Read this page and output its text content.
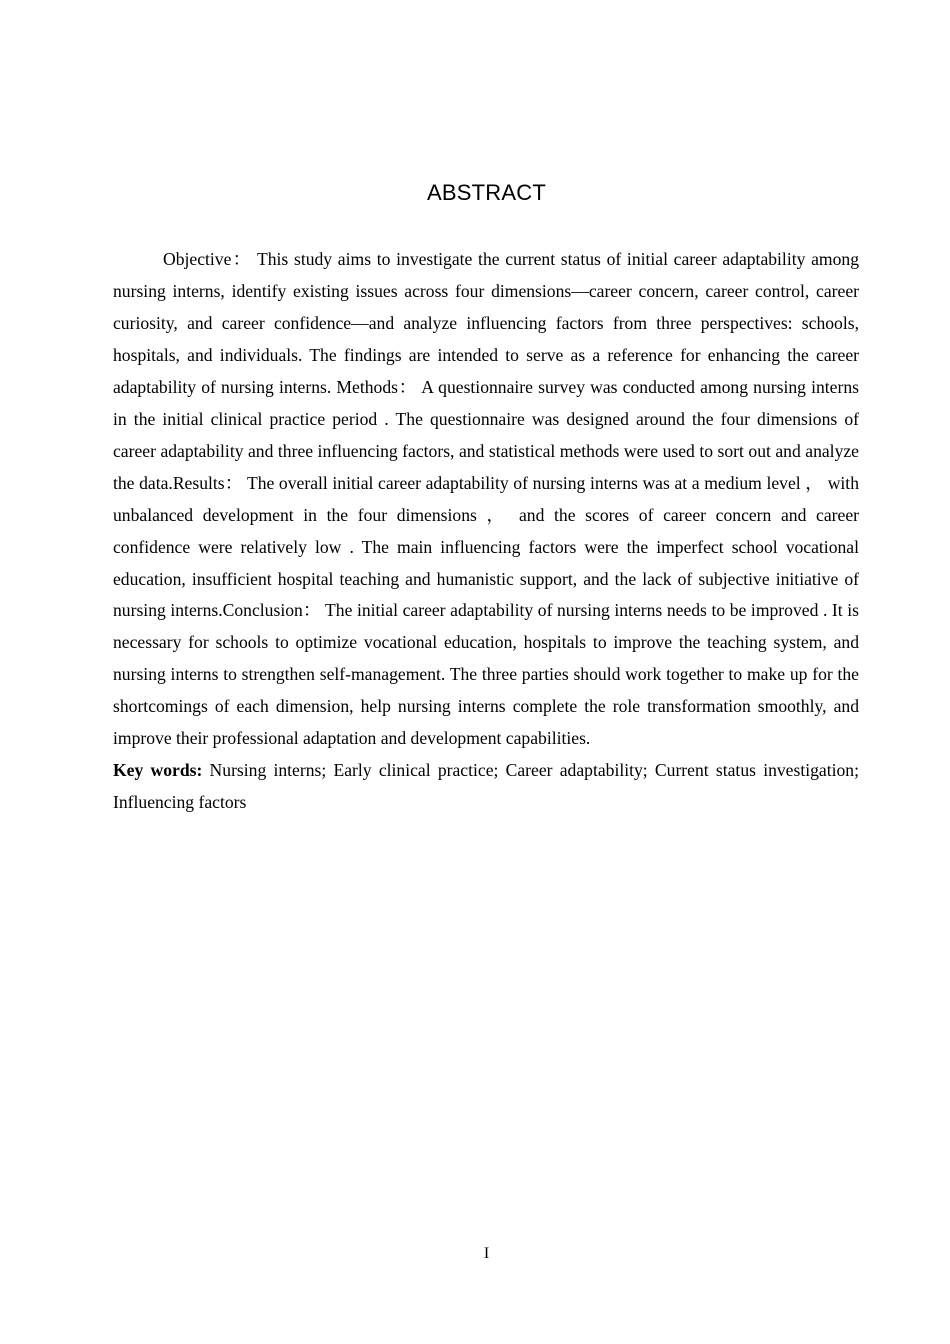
ABSTRACT

Objective： This study aims to investigate the current status of initial career adaptability among nursing interns, identify existing issues across four dimensions—career concern, career control, career curiosity, and career confidence—and analyze influencing factors from three perspectives: schools, hospitals, and individuals. The findings are intended to serve as a reference for enhancing the career adaptability of nursing interns. Methods： A questionnaire survey was conducted among nursing interns in the initial clinical practice period . The questionnaire was designed around the four dimensions of career adaptability and three influencing factors, and statistical methods were used to sort out and analyze the data.Results： The overall initial career adaptability of nursing interns was at a medium level ， with unbalanced development in the four dimensions ， and the scores of career concern and career confidence were relatively low . The main influencing factors were the imperfect school vocational education, insufficient hospital teaching and humanistic support, and the lack of subjective initiative of nursing interns.Conclusion： The initial career adaptability of nursing interns needs to be improved . It is necessary for schools to optimize vocational education, hospitals to improve the teaching system, and nursing interns to strengthen self-management. The three parties should work together to make up for the shortcomings of each dimension, help nursing interns complete the role transformation smoothly, and improve their professional adaptation and development capabilities.

Key words: Nursing interns; Early clinical practice; Career adaptability; Current status investigation; Influencing factors

I
